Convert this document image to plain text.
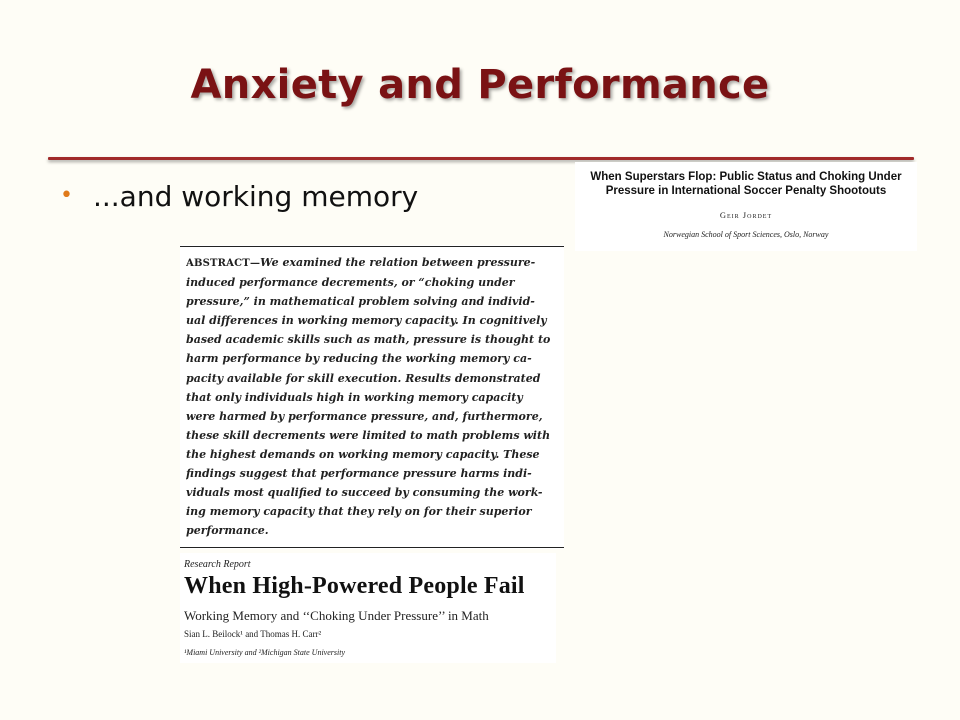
Anxiety and Performance
• ...and working memory
When Superstars Flop: Public Status and Choking Under
Pressure in International Soccer Penalty Shootouts
Geir Jordet
Norwegian School of Sport Sciences, Oslo, Norway
ABSTRACT—We examined the relation between pressure-
induced performance decrements, or “choking under
pressure,” in mathematical problem solving and individ-
ual differences in working memory capacity. In cognitively
based academic skills such as math, pressure is thought to
harm performance by reducing the working memory ca-
pacity available for skill execution. Results demonstrated
that only individuals high in working memory capacity
were harmed by performance pressure, and, furthermore,
these skill decrements were limited to math problems with
the highest demands on working memory capacity. These
findings suggest that performance pressure harms indi-
viduals most qualified to succeed by consuming the work-
ing memory capacity that they rely on for their superior
performance.
Research Report
When High-Powered People Fail
Working Memory and ‘‘Choking Under Pressure’’ in Math
Sian L. Beilock¹ and Thomas H. Carr²
¹Miami University and ²Michigan State University
